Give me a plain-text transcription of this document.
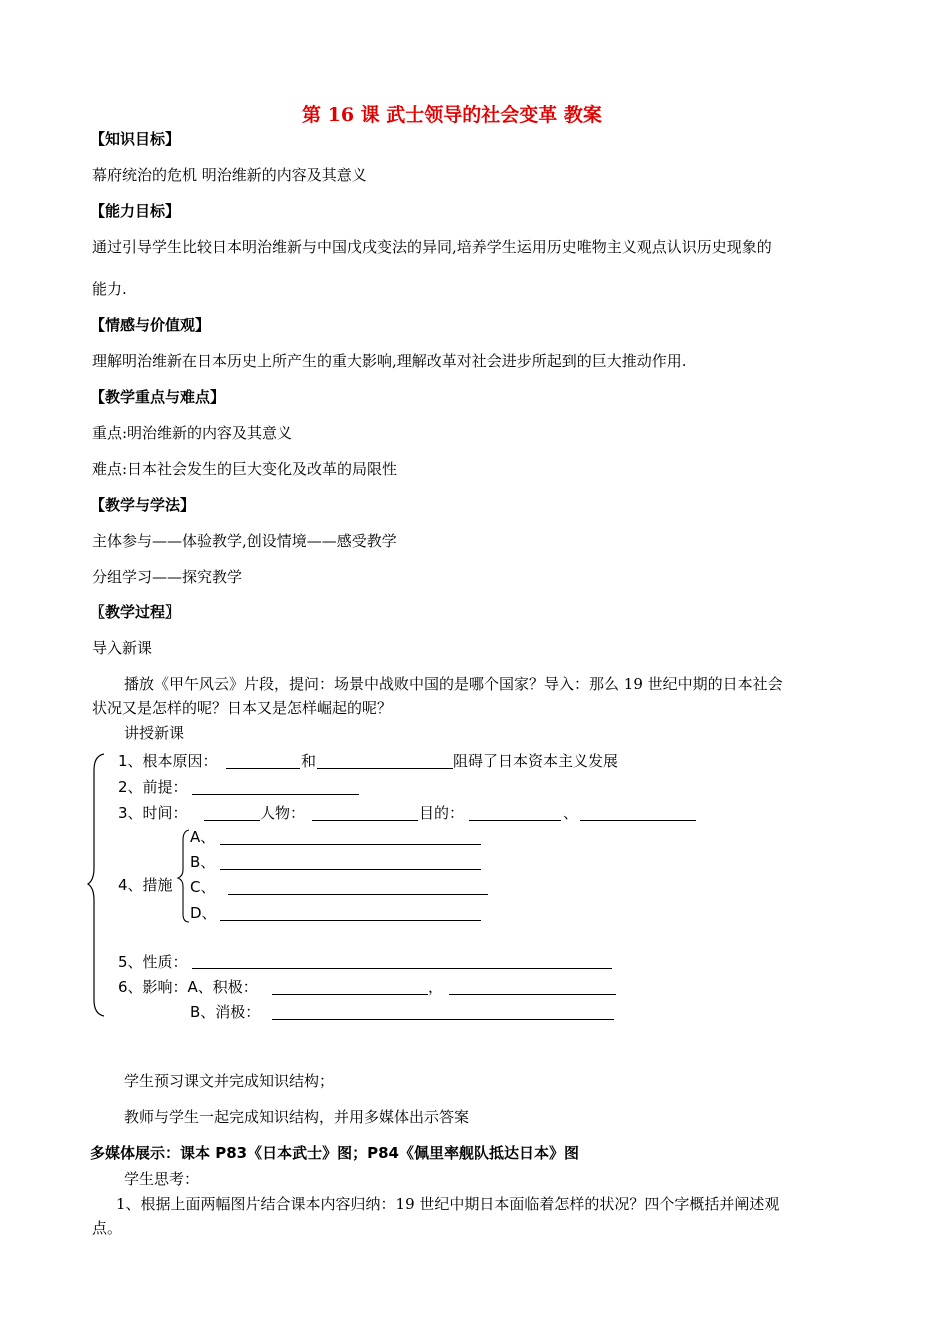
第 16 课 武士领导的社会变革 教案
【知识目标】
幕府统治的危机 明治维新的内容及其意义
【能力目标】
通过引导学生比较日本明治维新与中国戊戌变法的异同,培养学生运用历史唯物主义观点认识历史现象的
能力.
【情感与价值观】
理解明治维新在日本历史上所产生的重大影响,理解改革对社会进步所起到的巨大推动作用.
【教学重点与难点】
重点:明治维新的内容及其意义
难点:日本社会发生的巨大变化及改革的局限性
【教学与学法】
主体参与——体验教学,创设情境——感受教学
分组学习——探究教学
〖教学过程〗
导入新课
播放《甲午风云》片段，提问：场景中战败中国的是哪个国家？导入：那么 19 世纪中期的日本社会
状况又是怎样的呢？日本又是怎样崛起的呢？
讲授新课
1、根本原因：	和	阻碍了日本资本主义发展
2、前提：
3、时间：	人物：	目的：	、
4、措施
A、
B、
C、
D、
5、性质：
6、影响：A、积极：	，
B、消极：
学生预习课文并完成知识结构；
教师与学生一起完成知识结构，并用多媒体出示答案
多媒体展示：课本 P83《日本武士》图；P84《佩里率舰队抵达日本》图
学生思考：
1、根据上面两幅图片结合课本内容归纳：19 世纪中期日本面临着怎样的状况？四个字概括并阐述观
点。
